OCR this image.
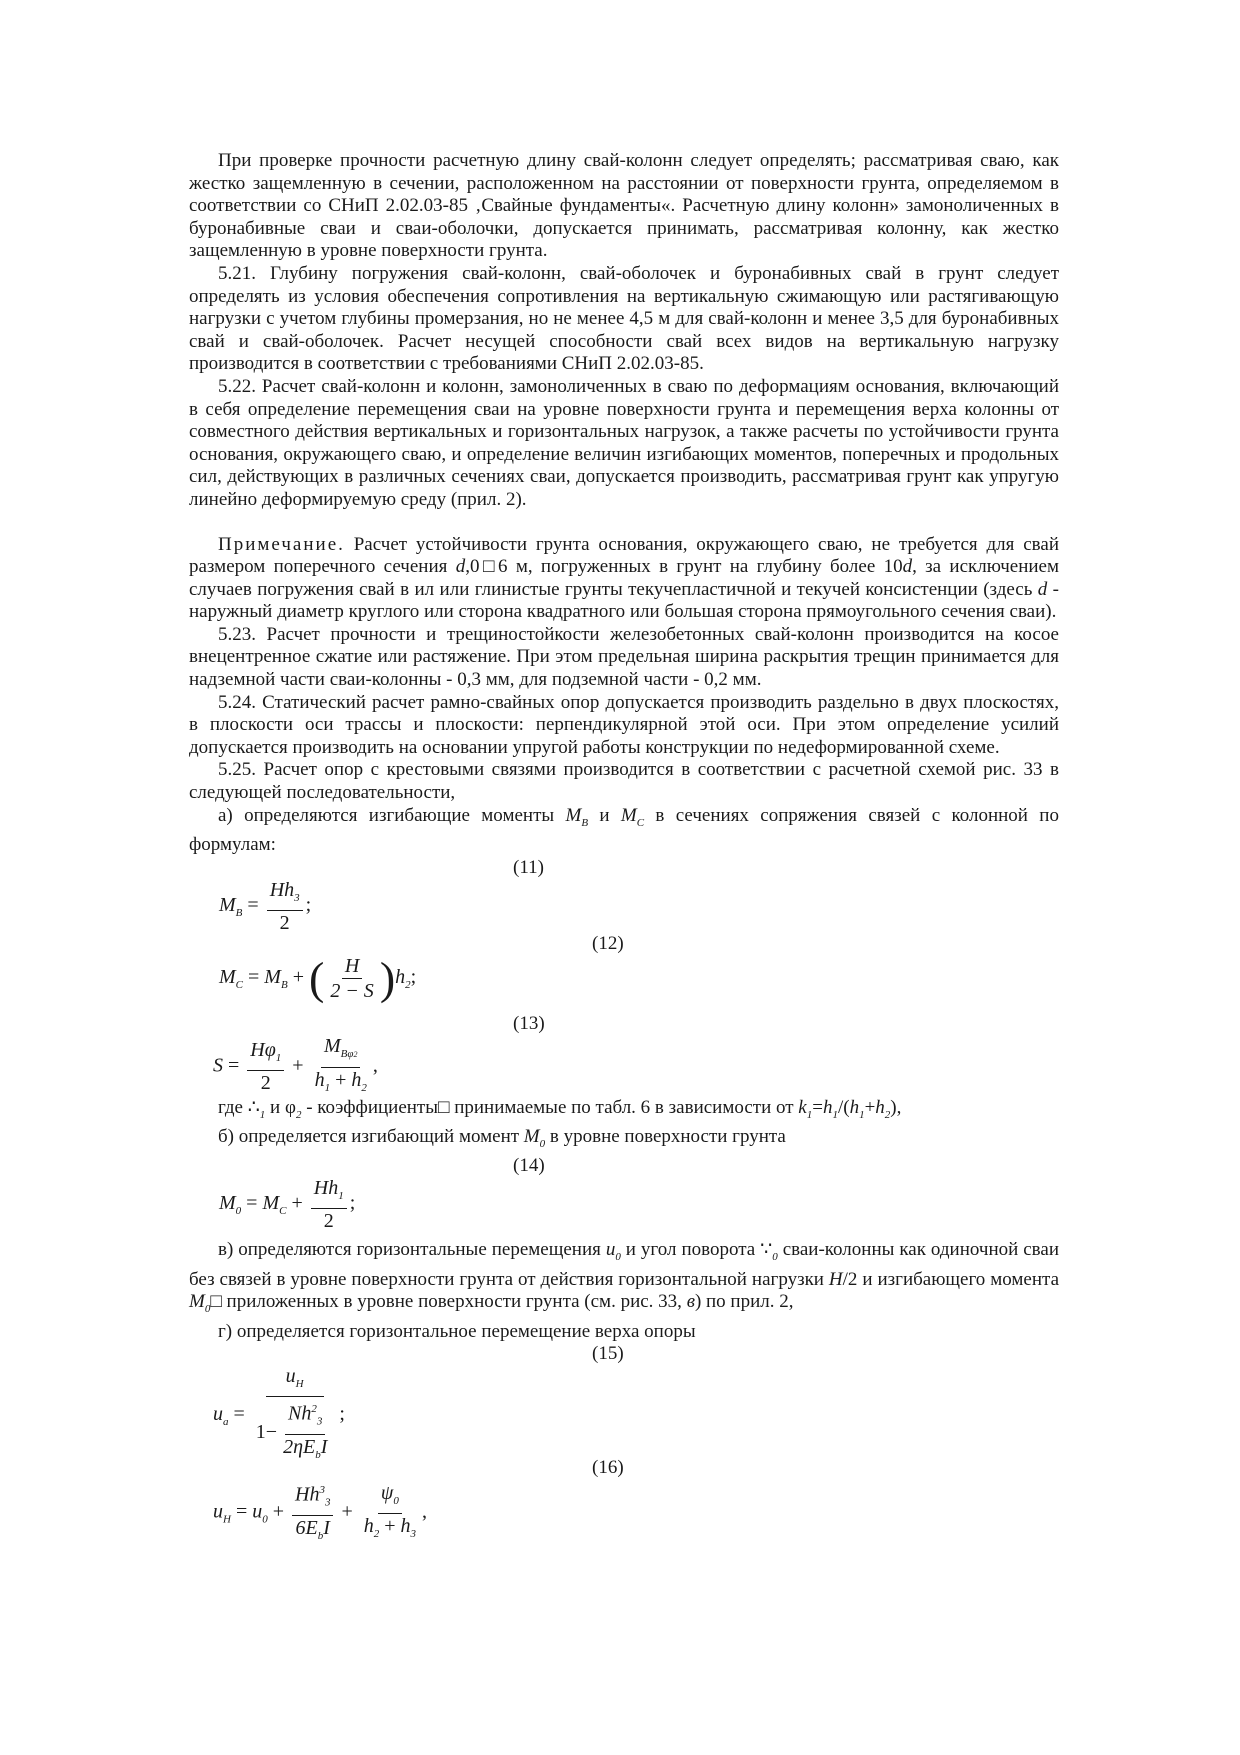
При проверке прочности расчетную длину свай-колонн следует определять; рассматривая сваю, как жестко защемленную в сечении, расположенном на расстоянии от поверхности грунта, определяемом в соответствии со СНиП 2.02.03-85 ‚Свайные фундаменты«. Расчетную длину колонн» замоноличенных в буронабивные сваи и сваи-оболочки, допускается принимать, рассматривая колонну, как жестко защемленную в уровне поверхности грунта.

5.21. Глубину погружения свай-колонн, свай-оболочек и буронабивных свай в грунт следует определять из условия обеспечения сопротивления на вертикальную сжимающую или растягивающую нагрузки с учетом глубины промерзания, но не менее 4,5 м для свай-колонн и менее 3,5 для буронабивных свай и свай-оболочек. Расчет несущей способности свай всех видов на вертикальную нагрузку производится в соответствии с требованиями СНиП 2.02.03-85.

5.22. Расчет свай-колонн и колонн, замоноличенных в сваю по деформациям основания, включающий в себя определение перемещения сваи на уровне поверхности грунта и перемещения верха колонны от совместного действия вертикальных и горизонтальных нагрузок, а также расчеты по устойчивости грунта основания, окружающего сваю, и определение величин изгибающих моментов, поперечных и продольных сил, действующих в различных сечениях сваи, допускается производить, рассматривая грунт как упругую линейно деформируемую среду (прил. 2).

Примечание. Расчет устойчивости грунта основания, окружающего сваю, не требуется для свай размером поперечного сечения d,0□6 м, погруженных в грунт на глубину более 10d, за исключением случаев погружения свай в ил или глинистые грунты текучепластичной и текучей консистенции (здесь d - наружный диаметр круглого или сторона квадратного или большая сторона прямоугольного сечения сваи).

5.23. Расчет прочности и трещиностойкости железобетонных свай-колонн производится на косое внецентренное сжатие или растяжение. При этом предельная ширина раскрытия трещин принимается для надземной части сваи-колонны - 0,3 мм, для подземной части - 0,2 мм.

5.24. Статический расчет рамно-свайных опор допускается производить раздельно в двух плоскостях, в плоскости оси трассы и плоскости: перпендикулярной этой оси. При этом определение усилий допускается производить на основании упругой работы конструкции по недеформированной схеме.

5.25. Расчет опор с крестовыми связями производится в соответствии с расчетной схемой рис. 33 в следующей последовательности,

а) определяются изгибающие моменты $M_B$ и $M_C$ в сечениях сопряжения связей с колонной по формулам:

(11)
$M_B = \frac{Hh_3}{2}$ ;
(12)
$M_C = M_B$ + ( $\frac{H}{2 - S} )h_2$;
(13)
$S = \frac{H\varphi_1}{2} + \frac{M_{B\varphi 2}}{h_1 + h_2}$ ,

где $\therefore_1$ и $\varphi_2$ - коэффициенты□ принимаемые по табл. 6 в зависимости от $k_1=h_1/(h_1+h_2)$,

б) определяется изгибающий момент $M_0$ в уровне поверхности грунта

(14)
$M_0 = M_C + \frac{Hh_1}{2}$ ;

в) определяются горизонтальные перемещения $u_0$ и угол поворота $\because_0$ сваи-колонны как одиночной сваи без связей в уровне поверхности грунта от действия горизонтальной нагрузки H/2 и изгибающего момента $M_0□$ приложенных в уровне поверхности грунта (см. рис. 33, в) по прил. 2,

г) определяется горизонтальное перемещение верха опоры

(15)
$u_a = \frac{u_H}{1- \frac{Nh^2_3}{2\eta E_bI}}$ ;
(16)
$u_H = u_0 + \frac{Hh^3_3}{6E_bI} + \frac{\psi_0}{h_2 + h_3}$ ,
